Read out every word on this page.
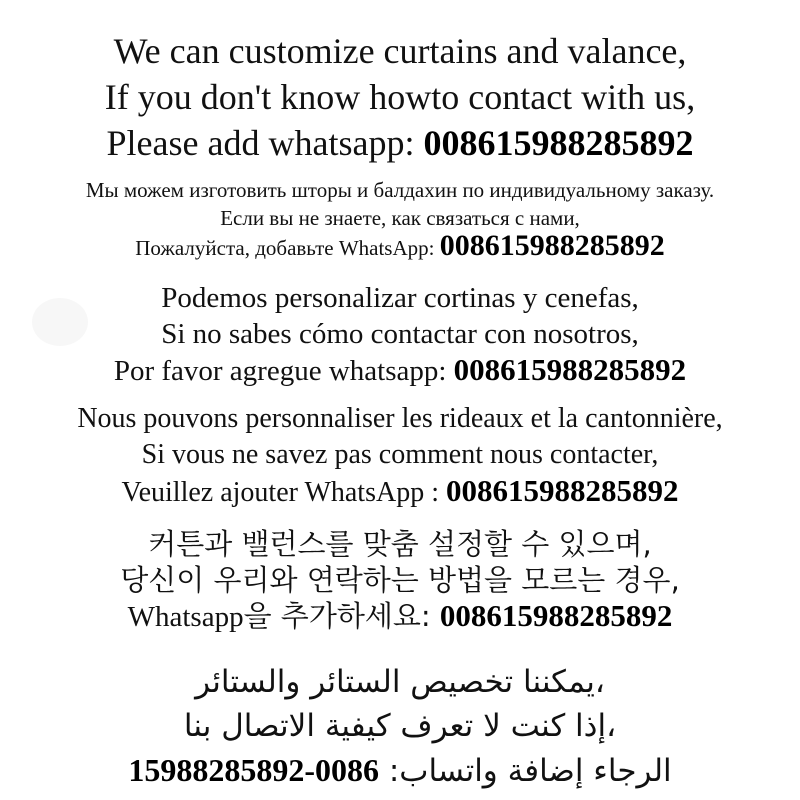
We can customize curtains and valance,
If you don't know howto contact with us,
Please add whatsapp: 008615988285892
Мы можем изготовить шторы и балдахин по индивидуальному заказу.
Если вы не знаете, как связаться с нами,
Пожалуйста, добавьте WhatsApp: 008615988285892
Podemos personalizar cortinas y cenefas,
Si no sabes cómo contactar con nosotros,
Por favor agregue whatsapp: 008615988285892
Nous pouvons personnaliser les rideaux et la cantonnière,
Si vous ne savez pas comment nous contacter,
Veuillez ajouter WhatsApp : 008615988285892
커튼과 밸런스를 맞춤 설정할 수 있으며,
당신이 우리와 연락하는 방법을 모르는 경우,
Whatsapp을 추가하세요: 008615988285892
،يمكننا تخصيص الستائر والستائر
،إذا كنت لا تعرف كيفية الاتصال بنا
الرجاء إضافة واتساب: 15988285892-0086
